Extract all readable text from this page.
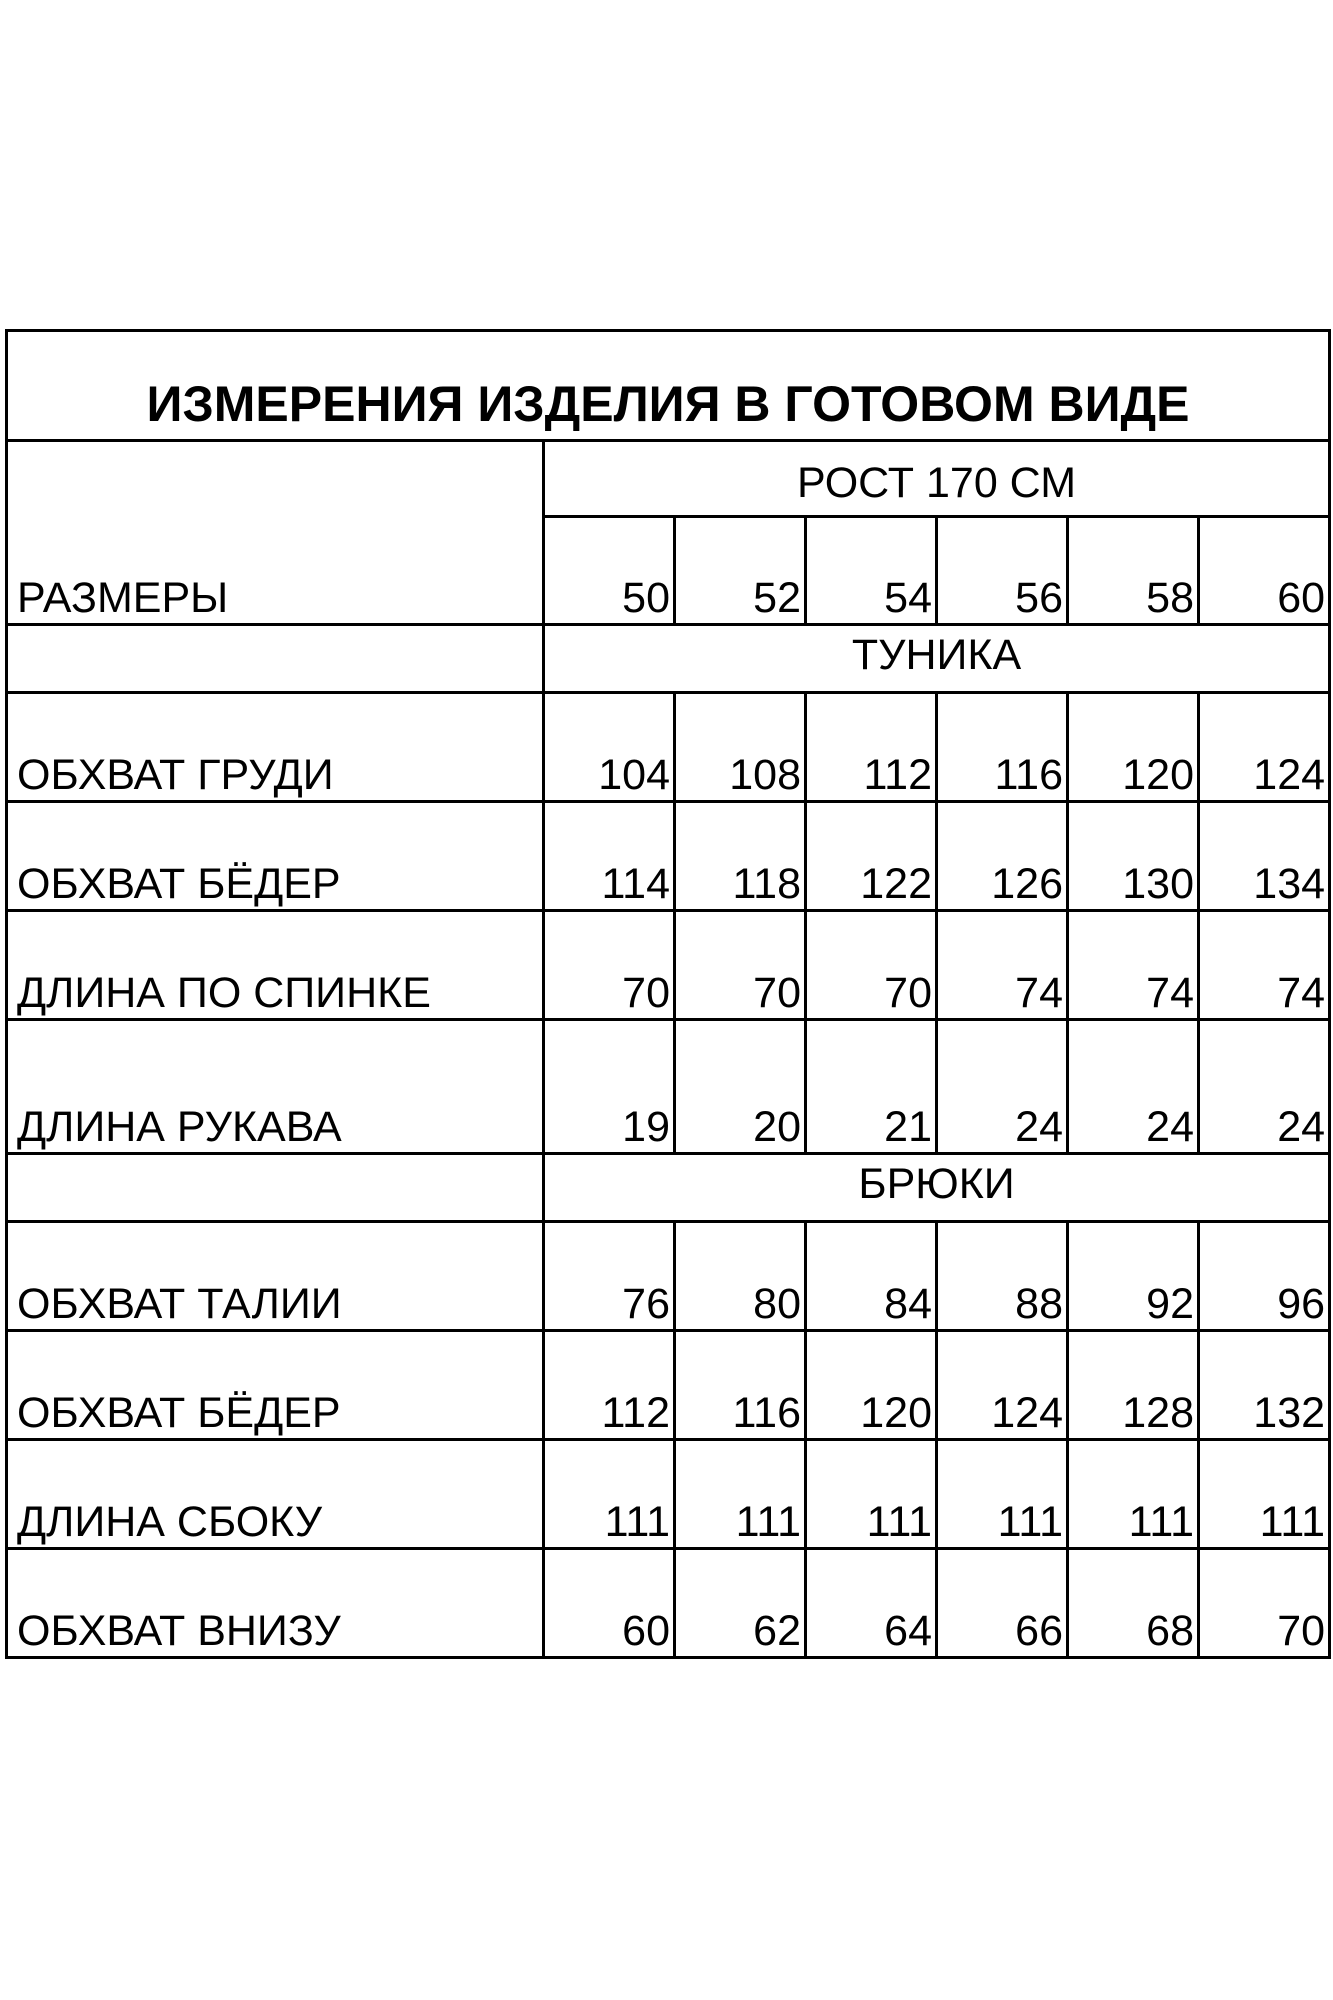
ИЗМЕРЕНИЯ ИЗДЕЛИЯ В ГОТОВОМ ВИДЕ						
РАЗМЕРЫ	РОСТ 170 СМ					
	50	52	54	56	58	60
	ТУНИКА					
ОБХВАТ ГРУДИ	104	108	112	116	120	124
ОБХВАТ БЁДЕР	114	118	122	126	130	134
ДЛИНА ПО СПИНКЕ	70	70	70	74	74	74
ДЛИНА РУКАВА	19	20	21	24	24	24
	БРЮКИ					
ОБХВАТ ТАЛИИ	76	80	84	88	92	96
ОБХВАТ БЁДЕР	112	116	120	124	128	132
ДЛИНА СБОКУ	111	111	111	111	111	111
ОБХВАТ ВНИЗУ	60	62	64	66	68	70
